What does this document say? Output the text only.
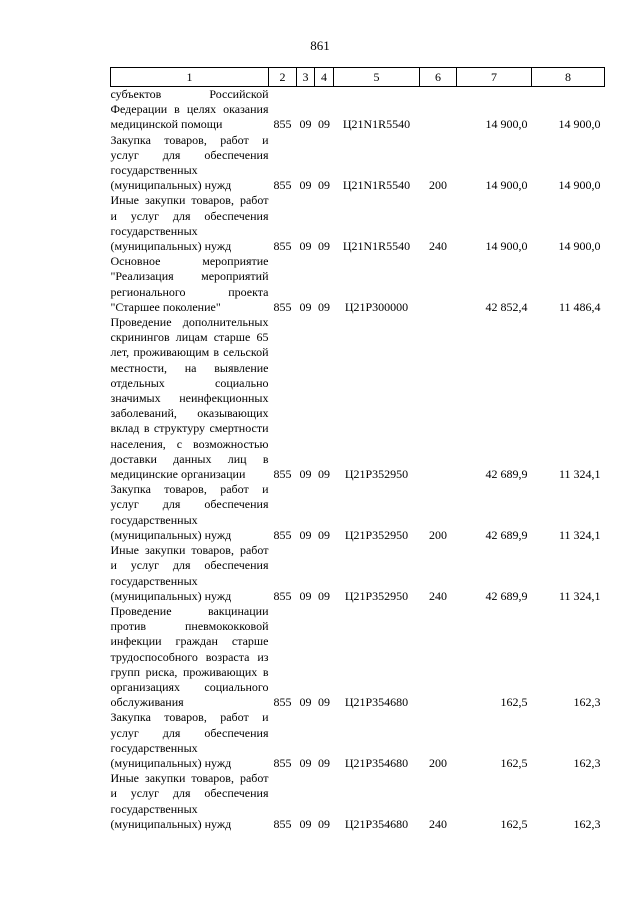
861
1	2	3	4	5	6	7	8
субъектов Российской Федерации в целях оказания медицинской помощи	855	09	09	Ц21N1R5540		14 900,0	14 900,0
Закупка товаров, работ и услуг для обеспечения государственных (муниципальных) нужд	855	09	09	Ц21N1R5540	200	14 900,0	14 900,0
Иные закупки товаров, работ и услуг для обеспечения государственных (муниципальных) нужд	855	09	09	Ц21N1R5540	240	14 900,0	14 900,0
Основное мероприятие "Реализация мероприятий регионального проекта "Старшее поколение"	855	09	09	Ц21P300000		42 852,4	11 486,4
Проведение дополнительных скринингов лицам старше 65 лет, проживающим в сельской местности, на выявление отдельных социально значимых неинфекционных заболеваний, оказывающих вклад в структуру смертности населения, с возможностью доставки данных лиц в медицинские организации	855	09	09	Ц21P352950		42 689,9	11 324,1
Закупка товаров, работ и услуг для обеспечения государственных (муниципальных) нужд	855	09	09	Ц21P352950	200	42 689,9	11 324,1
Иные закупки товаров, работ и услуг для обеспечения государственных (муниципальных) нужд	855	09	09	Ц21P352950	240	42 689,9	11 324,1
Проведение вакцинации против пневмококковой инфекции граждан старше трудоспособного возраста из групп риска, проживающих в организациях социального обслуживания	855	09	09	Ц21P354680		162,5	162,3
Закупка товаров, работ и услуг для обеспечения государственных (муниципальных) нужд	855	09	09	Ц21P354680	200	162,5	162,3
Иные закупки товаров, работ и услуг для обеспечения государственных (муниципальных) нужд	855	09	09	Ц21P354680	240	162,5	162,3
